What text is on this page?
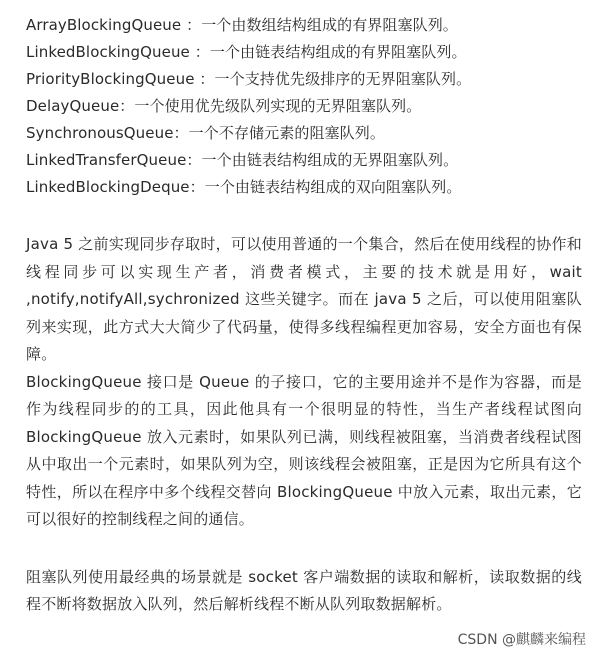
ArrayBlockingQueue ：一个由数组结构组成的有界阻塞队列。
LinkedBlockingQueue ：一个由链表结构组成的有界阻塞队列。
PriorityBlockingQueue ：一个支持优先级排序的无界阻塞队列。
DelayQueue：一个使用优先级队列实现的无界阻塞队列。
SynchronousQueue：一个不存储元素的阻塞队列。
LinkedTransferQueue：一个由链表结构组成的无界阻塞队列。
LinkedBlockingDeque：一个由链表结构组成的双向阻塞队列。

Java 5 之前实现同步存取时，可以使用普通的一个集合，然后在使用线程的协作和线程同步可以实现生产者，消费者模式，主要的技术就是用好，wait ,notify,notifyAll,sychronized 这些关键字。而在 java 5 之后，可以使用阻塞队列来实现，此方式大大简少了代码量，使得多线程编程更加容易，安全方面也有保障。

BlockingQueue 接口是 Queue 的子接口，它的主要用途并不是作为容器，而是作为线程同步的的工具，因此他具有一个很明显的特性，当生产者线程试图向 BlockingQueue 放入元素时，如果队列已满，则线程被阻塞，当消费者线程试图从中取出一个元素时，如果队列为空，则该线程会被阻塞，正是因为它所具有这个特性，所以在程序中多个线程交替向 BlockingQueue 中放入元素，取出元素，它可以很好的控制线程之间的通信。

阻塞队列使用最经典的场景就是 socket 客户端数据的读取和解析，读取数据的线程不断将数据放入队列，然后解析线程不断从队列取数据解析。

CSDN @麒麟来编程
